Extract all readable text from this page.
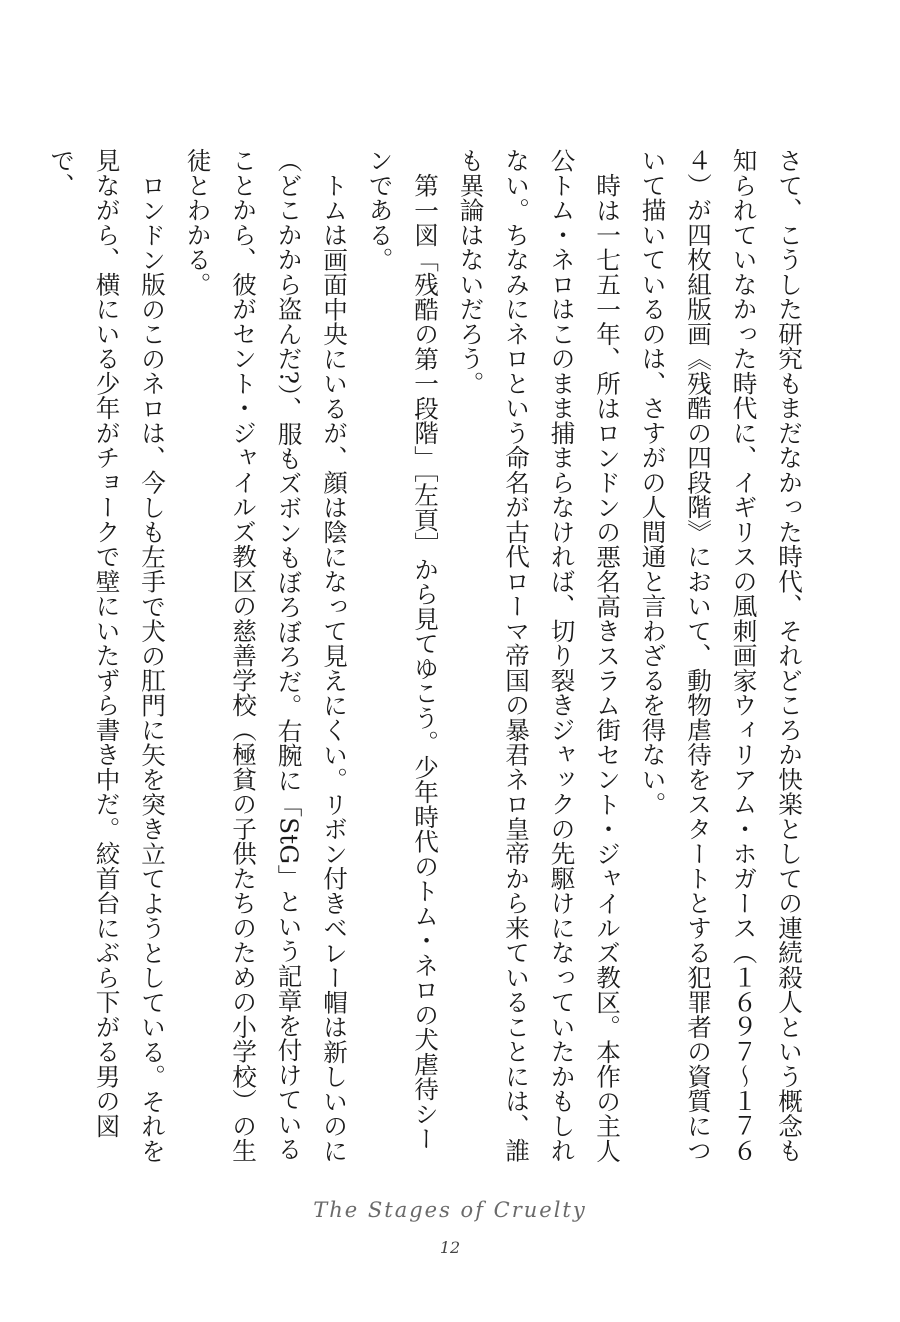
さて、こうした研究もまだなかった時代、それどころか快楽としての連続殺人という概念も知られていなかった時代に、イギリスの風刺画家ウィリアム・ホガース（１６９７〜１７６４）が四枚組版画《残酷の四段階》において、動物虐待をスタートとする犯罪者の資質について描いているのは、さすがの人間通と言わざるを得ない。

時は一七五一年、所はロンドンの悪名高きスラム街セント・ジャイルズ教区。本作の主人公トム・ネロはこのまま捕まらなければ、切り裂きジャックの先駆けになっていたかもしれない。ちなみにネロという命名が古代ローマ帝国の暴君ネロ皇帝から来ていることには、誰も異論はないだろう。

第一図「残酷の第一段階」［左頁］から見てゆこう。少年時代のトム・ネロの犬虐待シーンである。

トムは画面中央にいるが、顔は陰になって見えにくい。リボン付きベレー帽は新しいのに（どこかから盗んだ?）、服もズボンもぼろぼろだ。右腕に「StG」という記章を付けていることから、彼がセント・ジャイルズ教区の慈善学校（極貧の子供たちのための小学校）の生徒とわかる。

ロンドン版のこのネロは、今しも左手で犬の肛門に矢を突き立てようとしている。それを見ながら、横にいる少年がチョークで壁にいたずら書き中だ。絞首台にぶら下がる男の図で、

The Stages of Cruelty
12
